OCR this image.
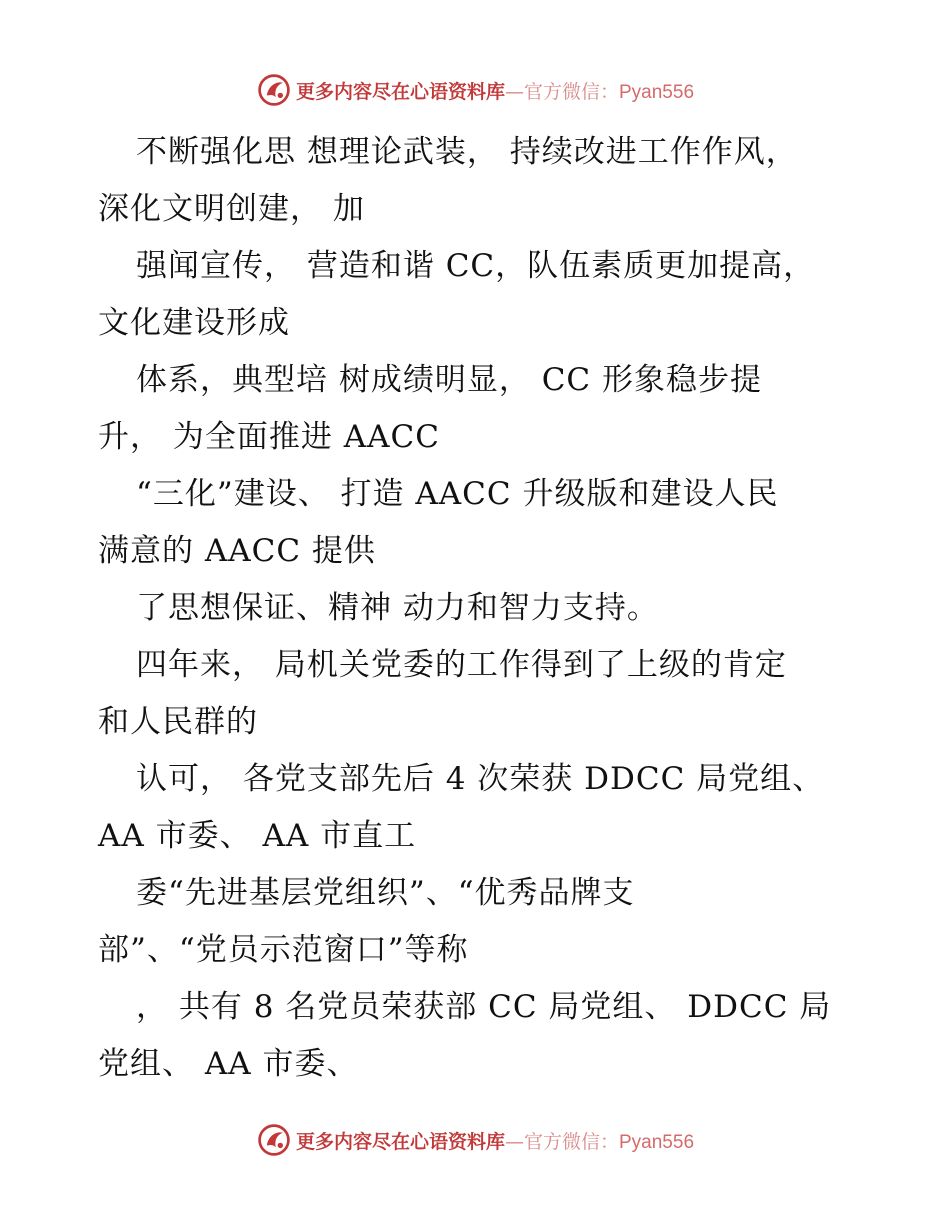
更多内容尽在心语资料库—官方微信：Pyan556
不断强化思 想理论武装， 持续改进工作作风，
深化文明创建， 加
强闻宣传， 营造和谐 CC，队伍素质更加提高，
文化建设形成
体系，典型培 树成绩明显， CC 形象稳步提
升， 为全面推进 AACC
“三化”建设、 打造 AACC 升级版和建设人民
满意的 AACC 提供
了思想保证、精神 动力和智力支持。
四年来， 局机关党委的工作得到了上级的肯定
和人民群的
认可， 各党支部先后 4 次荣获 DDCC 局党组、
AA 市委、 AA 市直工
委“先进基层党组织”、“优秀品牌支
部”、“党员示范窗口”等称
， 共有 8 名党员荣获部 CC 局党组、 DDCC 局
党组、 AA 市委、
更多内容尽在心语资料库—官方微信：Pyan556
